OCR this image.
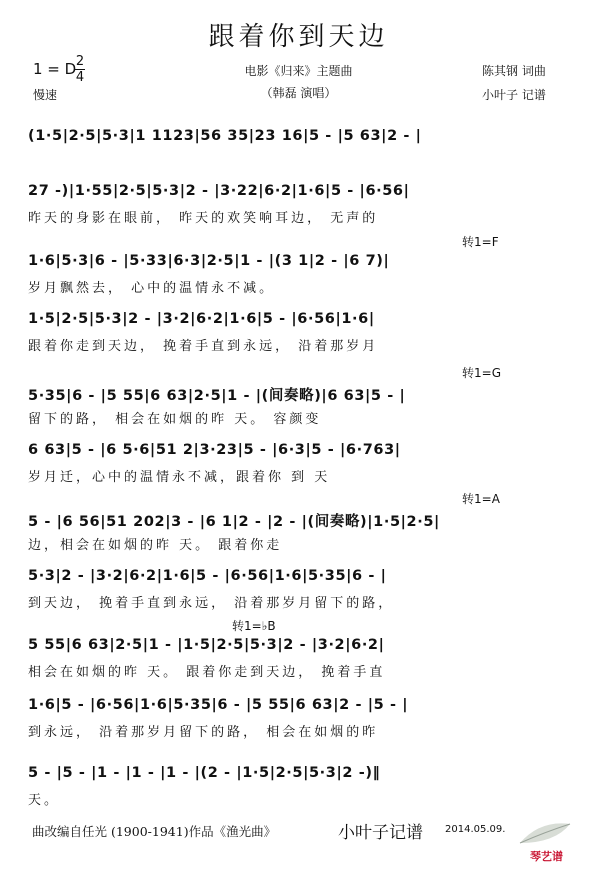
跟着你到天边
1 = D 2
4
慢速
电影《归来》主题曲
（韩磊 演唱）
陈其钢 词曲
小叶子 记谱
(1·5|2·5|5·3|1 1123|56 35|23 16|5 - |5 63|2 - |
27 -)|1·55|2·5|5·3|2 - |3·22|6·2|1·6|5 - |6·56|
昨天的身影在眼前， 昨天的欢笑响耳边， 无声的
1·6|5·3|6 - |5·33|6·3|2·5|1 - |(3 1|2 - |6 7)|
岁月飘然去， 心中的温情永不减。
转1=F
1·5|2·5|5·3|2 - |3·2|6·2|1·6|5 - |6·56|1·6|
跟着你走到天边， 挽着手直到永远， 沿着那岁月
5·35|6 - |5 55|6 63|2·5|1 - |(间奏略)|6 63|5 - |
留下的路， 相会在如烟的昨 天。 容颜变
转1=G
6 63|5 - |6 5·6|51 2|3·23|5 - |6·3|5 - |6·763|
岁月迁，心中的温情永不减，跟着你 到 天
5 - |6 56|51 202|3 - |6 1|2 - |2 - |(间奏略)|1·5|2·5|
边，相会在如烟的昨 天。 跟着你走
转1=A
5·3|2 - |3·2|6·2|1·6|5 - |6·56|1·6|5·35|6 - |
到天边， 挽着手直到永远， 沿着那岁月留下的路，
5 55|6 63|2·5|1 - |1·5|2·5|5·3|2 - |3·2|6·2|
相会在如烟的昨 天。 跟着你走到天边， 挽着手直
转1=♭B
1·6|5 - |6·56|1·6|5·35|6 - |5 55|6 63|2 - |5 - |
到永远， 沿着那岁月留下的路， 相会在如烟的昨
5 - |5 - |1 - |1 - |1 - |(2 - |1·5|2·5|5·3|2 -)‖
天。
曲改编自任光 (1900-1941)作品《渔光曲》	小叶子记谱 2014.05.09.
琴艺谱
